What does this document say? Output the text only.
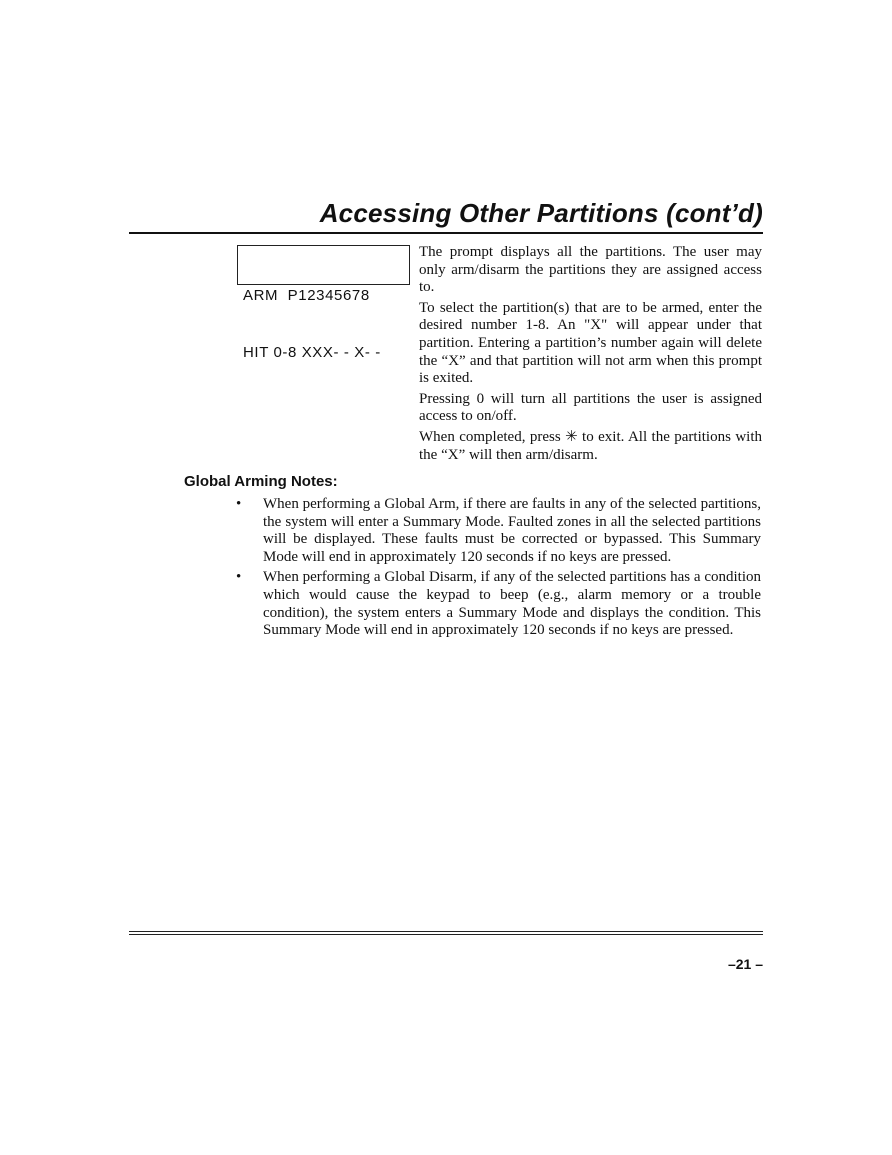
Accessing Other Partitions (cont’d)

ARM  P12345678

HIT 0-8 XXX- - X- -

The prompt displays all the partitions. The user may only arm/disarm the partitions they are assigned access to.

To select the partition(s) that are to be armed, enter the desired number 1-8. An "X" will appear under that partition. Entering a partition’s number again will delete the “X” and that partition will not arm when this prompt is exited.

Pressing 0 will turn all partitions the user is assigned access to on/off.

When completed, press ✳ to exit. All the partitions with the “X” will then arm/disarm.

Global Arming Notes:
• When performing a Global Arm, if there are faults in any of the selected partitions, the system will enter a Summary Mode. Faulted zones in all the selected partitions will be displayed. These faults must be corrected or bypassed. This Summary Mode will end in approximately 120 seconds if no keys are pressed.
• When performing a Global Disarm, if any of the selected partitions has a condition which would cause the keypad to beep (e.g., alarm memory or a trouble condition), the system enters a Summary Mode and displays the condition. This Summary Mode will end in approximately 120 seconds if no keys are pressed.
–21 –
